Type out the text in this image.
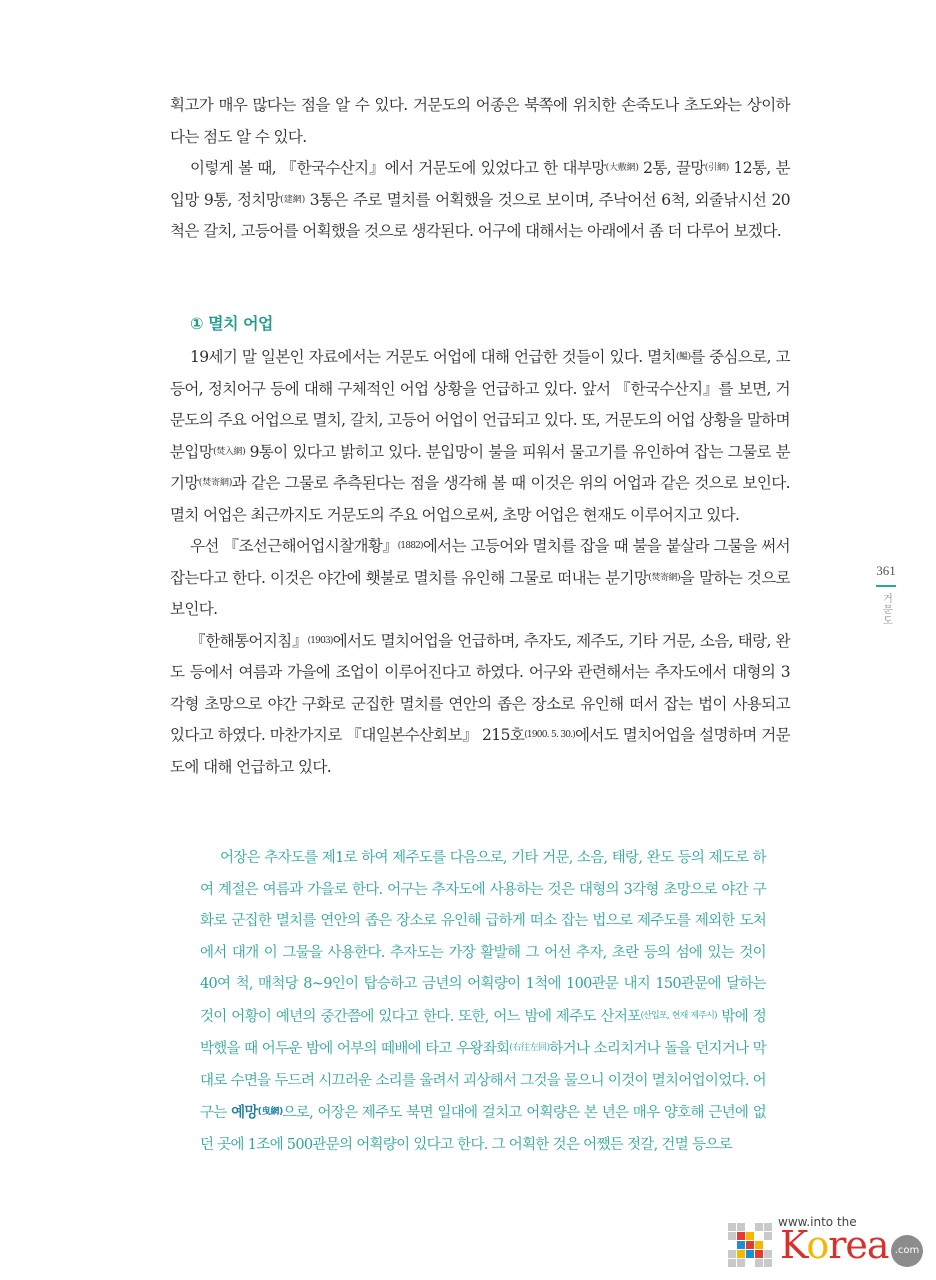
획고가 매우 많다는 점을 알 수 있다. 거문도의 어종은 북쪽에 위치한 손죽도나 초도와는 상이하다는 점도 알 수 있다.

이렇게 볼 때, 『한국수산지』에서 거문도에 있었다고 한 대부망(大敷網) 2통, 끌망(引網) 12통, 분입망 9통, 정치망(建網) 3통은 주로 멸치를 어획했을 것으로 보이며, 주낙어선 6척, 외줄낚시선 20척은 갈치, 고등어를 어획했을 것으로 생각된다. 어구에 대해서는 아래에서 좀 더 다루어 보겠다.

① 멸치 어업

19세기 말 일본인 자료에서는 거문도 어업에 대해 언급한 것들이 있다. 멸치(鰮)를 중심으로, 고등어, 정치어구 등에 대해 구체적인 어업 상황을 언급하고 있다. 앞서 『한국수산지』를 보면, 거문도의 주요 어업으로 멸치, 갈치, 고등어 어업이 언급되고 있다. 또, 거문도의 어업 상황을 말하며 분입망(焚入網) 9통이 있다고 밝히고 있다. 분입망이 불을 피워서 물고기를 유인하여 잡는 그물로 분기망(焚寄網)과 같은 그물로 추측된다는 점을 생각해 볼 때 이것은 위의 어업과 같은 것으로 보인다. 멸치 어업은 최근까지도 거문도의 주요 어업으로써, 초망 어업은 현재도 이루어지고 있다.

우선 『조선근해어업시찰개황』(1882)에서는 고등어와 멸치를 잡을 때 불을 붙살라 그물을 써서 잡는다고 한다. 이것은 야간에 횃불로 멸치를 유인해 그물로 떠내는 분기망(焚寄網)을 말하는 것으로 보인다.

『한해통어지침』(1903)에서도 멸치어업을 언급하며, 추자도, 제주도, 기타 거문, 소음, 태랑, 완도 등에서 여름과 가을에 조업이 이루어진다고 하였다. 어구와 관련해서는 추자도에서 대형의 3각형 초망으로 야간 구화로 군집한 멸치를 연안의 좁은 장소로 유인해 떠서 잡는 법이 사용되고 있다고 하였다. 마찬가지로 『대일본수산회보』 215호(1900. 5. 30.)에서도 멸치어업을 설명하며 거문도에 대해 언급하고 있다.

어장은 추자도를 제1로 하여 제주도를 다음으로, 기타 거문, 소음, 태랑, 완도 등의 제도로 하여 계절은 여름과 가을로 한다. 어구는 추자도에 사용하는 것은 대형의 3각형 초망으로 야간 구화로 군집한 멸치를 연안의 좁은 장소로 유인해 급하게 떠소 잡는 법으로 제주도를 제외한 도처에서 대개 이 그물을 사용한다. 추자도는 가장 활발해 그 어선 추자, 초란 등의 섬에 있는 것이 40여 척, 매척당 8~9인이 탑승하고 금년의 어획량이 1척에 100관문 내지 150관문에 달하는 것이 어황이 예년의 중간쯤에 있다고 한다. 또한, 어느 밤에 제주도 산저포$^{(산입포, 현재 제주시)}$ 밖에 정박했을 때 어두운 밤에 어부의 떼배에 타고 우왕좌회$^{(右往左回)}$하거나 소리치거나 돌을 던지거나 막대로 수면을 두드려 시끄러운 소리를 울려서 괴상해서 그것을 물으니 이것이 멸치어업이었다. 어구는 예망$^{(曳網)}$으로, 어장은 제주도 북면 일대에 걸치고 어획량은 본 년은 매우 양호해 근년에 없던 곳에 1조에 500관문의 어획량이 있다고 한다. 그 어획한 것은 어쨌든 젓갈, 건멸 등으로

361
거문도
www.into the
Korea .com
